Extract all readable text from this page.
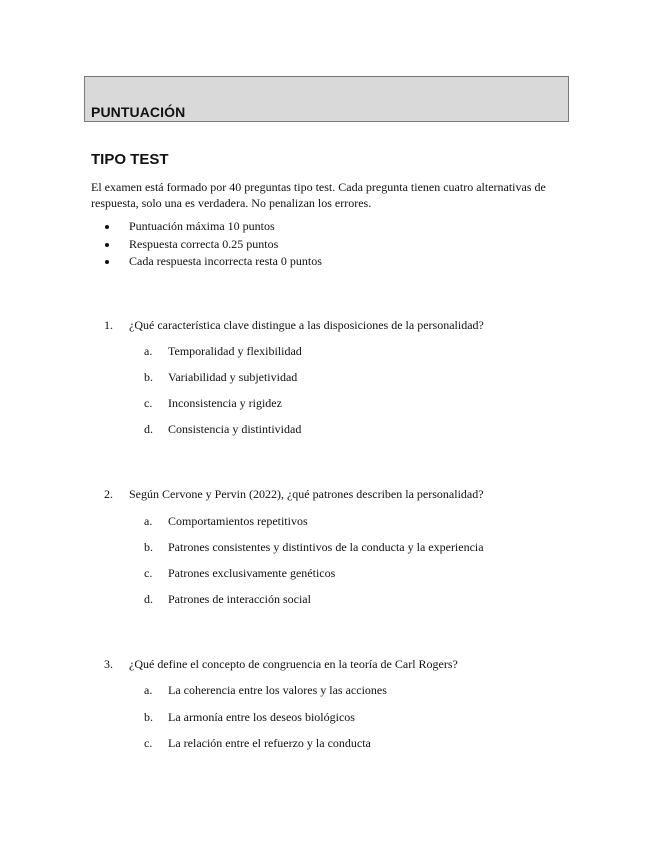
PUNTUACIÓN
TIPO TEST

El examen está formado por 40 preguntas tipo test. Cada pregunta tienen cuatro alternativas de respuesta, solo una es verdadera. No penalizan los errores.

Puntuación máxima 10 puntos
Respuesta correcta 0.25 puntos
Cada respuesta incorrecta resta 0 puntos
1. ¿Qué característica clave distingue a las disposiciones de la personalidad?
a. Temporalidad y flexibilidad
b. Variabilidad y subjetividad
c. Inconsistencia y rigidez
d. Consistencia y distintividad
2. Según Cervone y Pervin (2022), ¿qué patrones describen la personalidad?
a. Comportamientos repetitivos
b. Patrones consistentes y distintivos de la conducta y la experiencia
c. Patrones exclusivamente genéticos
d. Patrones de interacción social
3. ¿Qué define el concepto de congruencia en la teoría de Carl Rogers?
a. La coherencia entre los valores y las acciones
b. La armonía entre los deseos biológicos
c. La relación entre el refuerzo y la conducta
